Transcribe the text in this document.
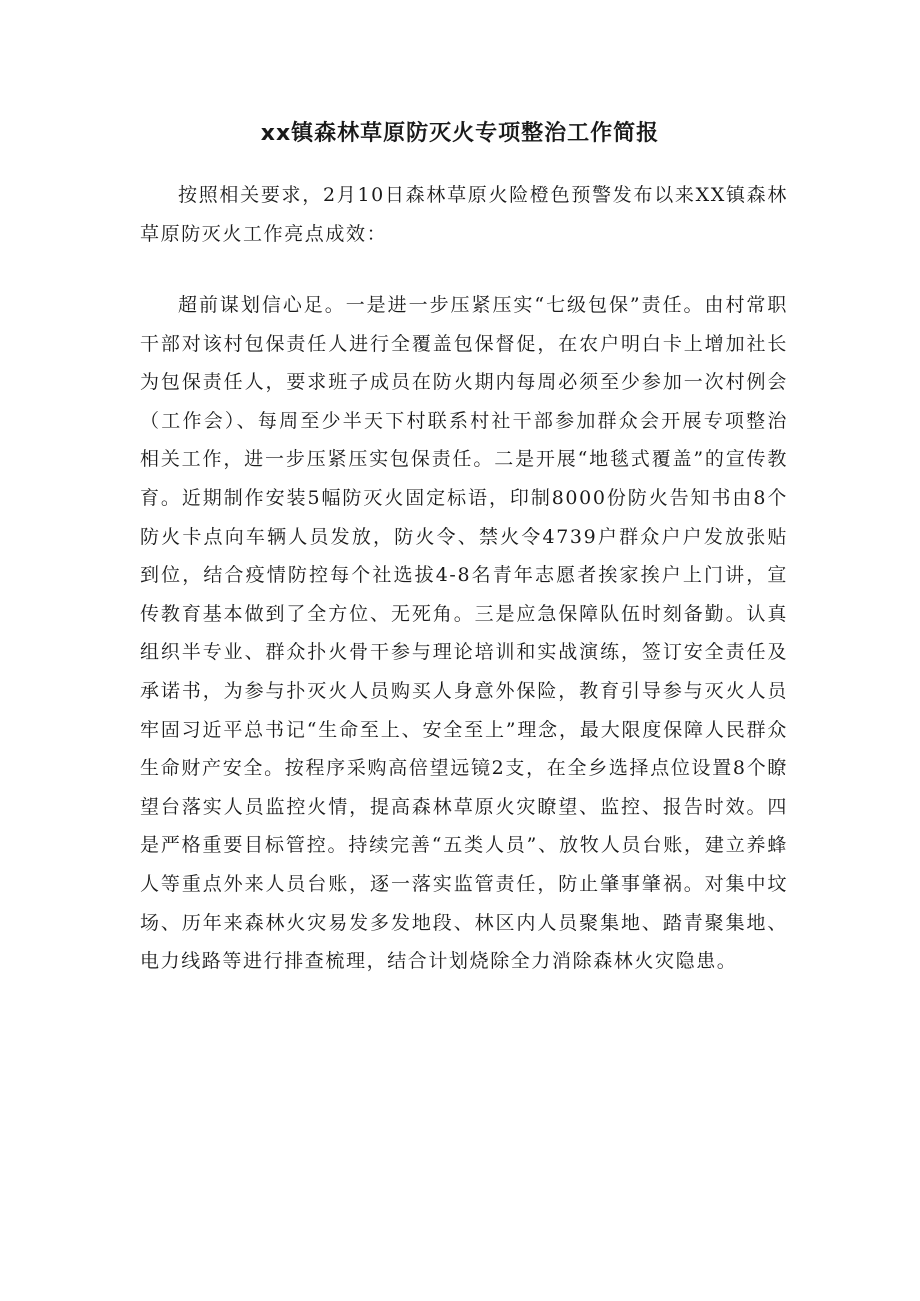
xx镇森林草原防灭火专项整治工作简报

按照相关要求，2月10日森林草原火险橙色预警发布以来XX镇森林草原防灭火工作亮点成效：

超前谋划信心足。一是进一步压紧压实“七级包保”责任。由村常职干部对该村包保责任人进行全覆盖包保督促，在农户明白卡上增加社长为包保责任人，要求班子成员在防火期内每周必须至少参加一次村例会（工作会）、每周至少半天下村联系村社干部参加群众会开展专项整治相关工作，进一步压紧压实包保责任。二是开展“地毯式覆盖”的宣传教育。近期制作安装5幅防灭火固定标语，印制8000份防火告知书由8个防火卡点向车辆人员发放，防火令、禁火令4739户群众户户发放张贴到位，结合疫情防控每个社选拔4-8名青年志愿者挨家挨户上门讲，宣传教育基本做到了全方位、无死角。三是应急保障队伍时刻备勤。认真组织半专业、群众扑火骨干参与理论培训和实战演练，签订安全责任及承诺书，为参与扑灭火人员购买人身意外保险，教育引导参与灭火人员牢固习近平总书记“生命至上、安全至上”理念，最大限度保障人民群众生命财产安全。按程序采购高倍望远镜2支，在全乡选择点位设置8个瞭望台落实人员监控火情，提高森林草原火灾瞭望、监控、报告时效。四是严格重要目标管控。持续完善“五类人员”、放牧人员台账，建立养蜂人等重点外来人员台账，逐一落实监管责任，防止肇事肇祸。对集中坟场、历年来森林火灾易发多发地段、林区内人员聚集地、踏青聚集地、电力线路等进行排查梳理，结合计划烧除全力消除森林火灾隐患。
